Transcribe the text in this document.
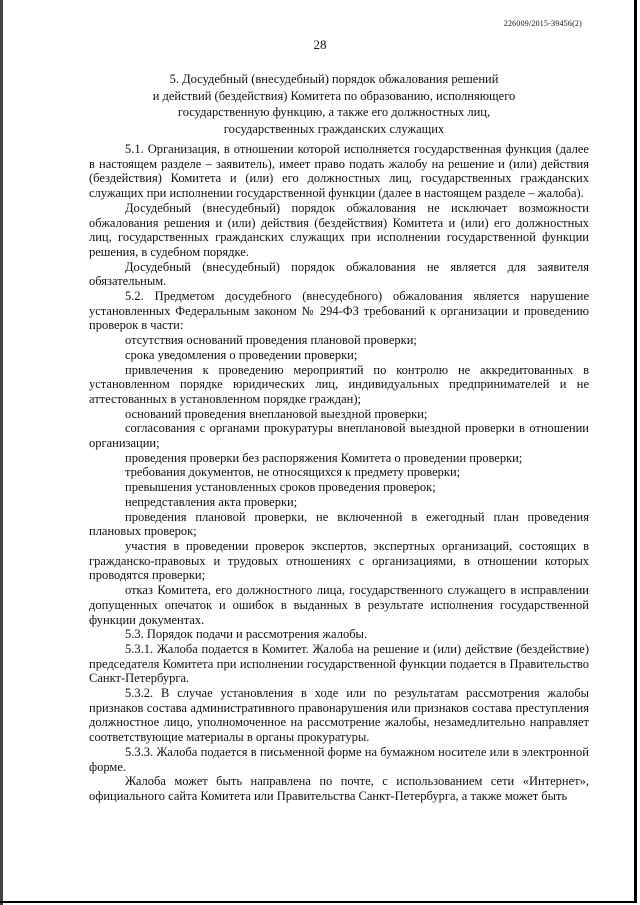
226009/2015-39456(2)
28
5. Досудебный (внесудебный) порядок обжалования решений
и действий (бездействия) Комитета по образованию, исполняющего
государственную функцию, а также его должностных лиц,
государственных гражданских служащих

5.1. Организация, в отношении которой исполняется государственная функция (далее в настоящем разделе – заявитель), имеет право подать жалобу на решение и (или) действия (бездействия) Комитета и (или) его должностных лиц, государственных гражданских служащих при исполнении государственной функции (далее в настоящем разделе – жалоба).

Досудебный (внесудебный) порядок обжалования не исключает возможности обжалования решения и (или) действия (бездействия) Комитета и (или) его должностных лиц, государственных гражданских служащих при исполнении государственной функции решения, в судебном порядке.

Досудебный (внесудебный) порядок обжалования не является для заявителя обязательным.

5.2. Предметом досудебного (внесудебного) обжалования является нарушение установленных Федеральным законом № 294-ФЗ требований к организации и проведению проверок в части:

отсутствия оснований проведения плановой проверки;

срока уведомления о проведении проверки;

привлечения к проведению мероприятий по контролю не аккредитованных в установленном порядке юридических лиц, индивидуальных предпринимателей и не аттестованных в установленном порядке граждан);

оснований проведения внеплановой выездной проверки;

согласования с органами прокуратуры внеплановой выездной проверки в отношении организации;

проведения проверки без распоряжения Комитета о проведении проверки;

требования документов, не относящихся к предмету проверки;

превышения установленных сроков проведения проверок;

непредставления акта проверки;

проведения плановой проверки, не включенной в ежегодный план проведения плановых проверок;

участия в проведении проверок экспертов, экспертных организаций, состоящих в гражданско-правовых и трудовых отношениях с организациями, в отношении которых проводятся проверки;

отказ Комитета, его должностного лица, государственного служащего в исправлении допущенных опечаток и ошибок в выданных в результате исполнения государственной функции документах.

5.3. Порядок подачи и рассмотрения жалобы.

5.3.1. Жалоба подается в Комитет. Жалоба на решение и (или) действие (бездействие) председателя Комитета при исполнении государственной функции подается в Правительство Санкт-Петербурга.

5.3.2. В случае установления в ходе или по результатам рассмотрения жалобы признаков состава административного правонарушения или признаков состава преступления должностное лицо, уполномоченное на рассмотрение жалобы, незамедлительно направляет соответствующие материалы в органы прокуратуры.

5.3.3. Жалоба подается в письменной форме на бумажном носителе или в электронной форме.

Жалоба может быть направлена по почте, с использованием сети «Интернет», официального сайта Комитета или Правительства Санкт-Петербурга, а также может быть
